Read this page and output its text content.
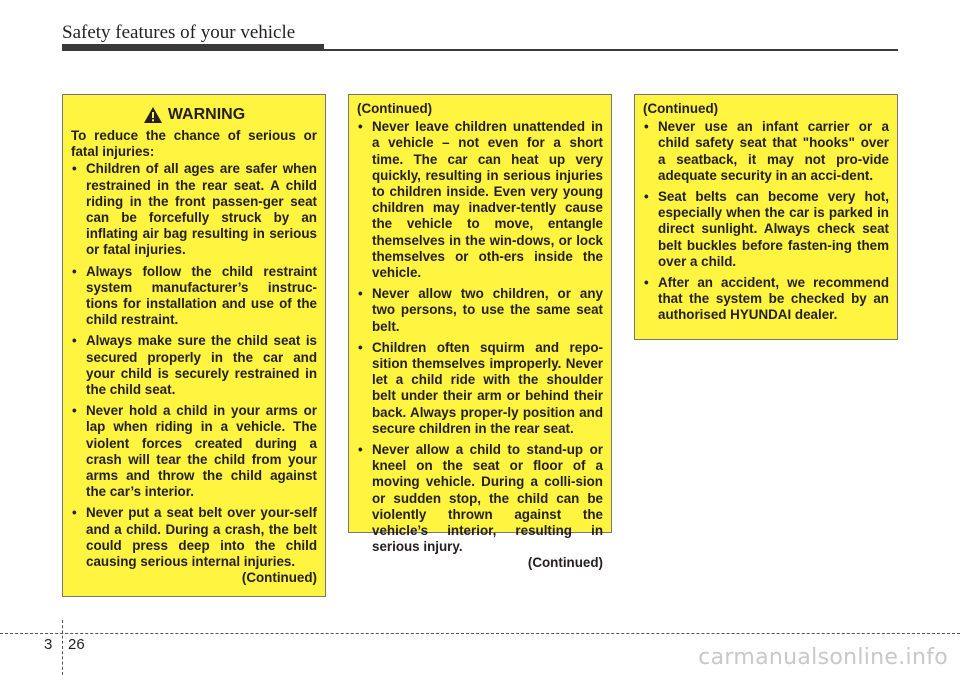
Safety features of your vehicle
WARNING
To reduce the chance of serious or fatal injuries:
• Children of all ages are safer when restrained in the rear seat. A child riding in the front passen-ger seat can be forcefully struck by an inflating air bag resulting in serious or fatal injuries.
• Always follow the child restraint system manufacturer’s instruc-tions for installation and use of the child restraint.
• Always make sure the child seat is secured properly in the car and your child is securely restrained in the child seat.
• Never hold a child in your arms or lap when riding in a vehicle. The violent forces created during a crash will tear the child from your arms and throw the child against the car’s interior.
• Never put a seat belt over your-self and a child. During a crash, the belt could press deep into the child causing serious internal injuries.
(Continued)
(Continued)
• Never leave children unattended in a vehicle – not even for a short time. The car can heat up very quickly, resulting in serious injuries to children inside. Even very young children may inadver-tently cause the vehicle to move, entangle themselves in the win-dows, or lock themselves or oth-ers inside the vehicle.
• Never allow two children, or any two persons, to use the same seat belt.
• Children often squirm and repo-sition themselves improperly. Never let a child ride with the shoulder belt under their arm or behind their back. Always proper-ly position and secure children in the rear seat.
• Never allow a child to stand-up or kneel on the seat or floor of a moving vehicle. During a colli-sion or sudden stop, the child can be violently thrown against the vehicle’s interior, resulting in serious injury.
(Continued)
(Continued)
• Never use an infant carrier or a child safety seat that "hooks" over a seatback, it may not pro-vide adequate security in an acci-dent.
• Seat belts can become very hot, especially when the car is parked in direct sunlight. Always check seat belt buckles before fasten-ing them over a child.
• After an accident, we recommend that the system be checked by an authorised HYUNDAI dealer.
3 26
carmanualsonline.info
